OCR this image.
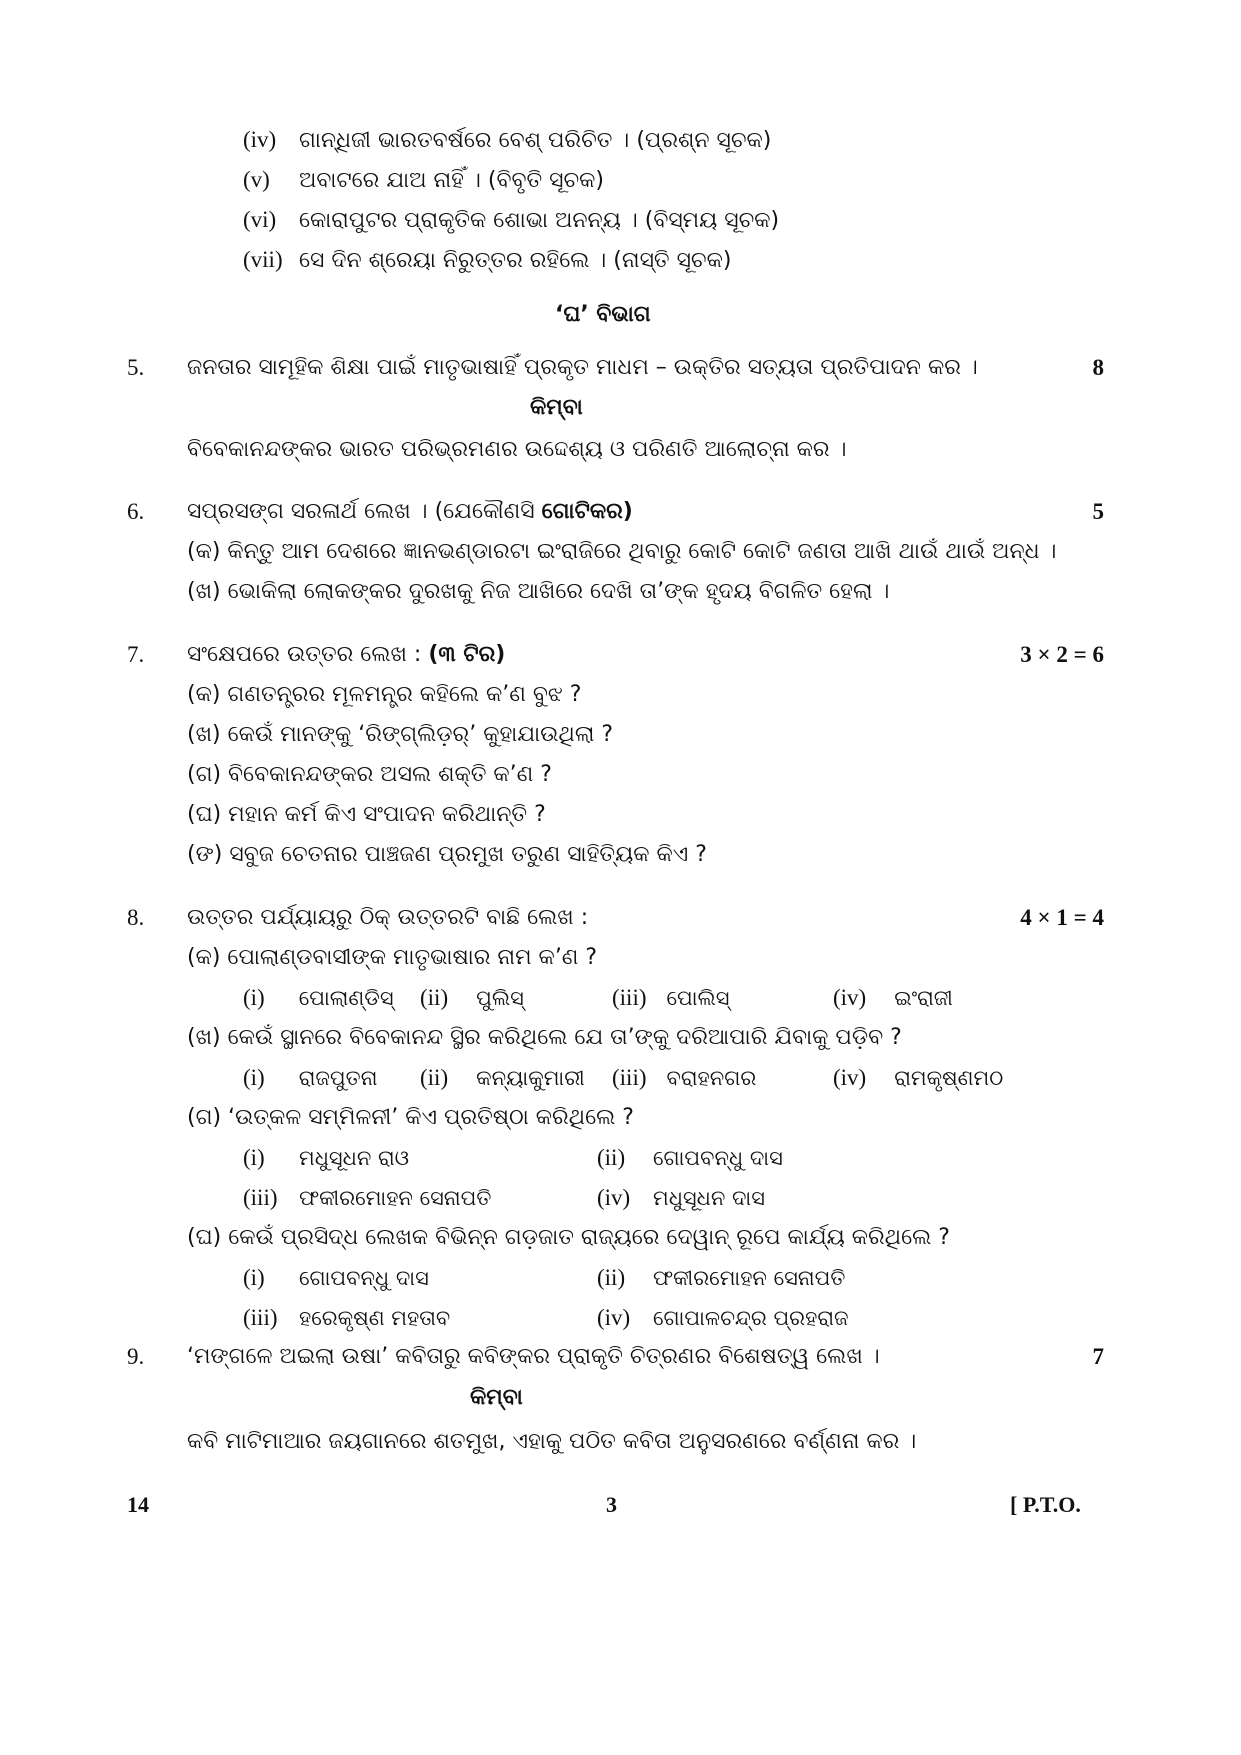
(iv) ଗାନ୍ଧିଜୀ ଭାରତବର୍ଷରେ ବେଶ୍ ପରିଚିତ । (ପ୍ରଶ୍ନ ସୂଚକ)
(v) ଅବାଟରେ ଯାଅ ନାହିଁ । (ବିବୃତି ସୂଚକ)
(vi) କୋରାପୁଟର ପ୍ରାକୃତିକ ଶୋଭା ଅନନ୍ୟ । (ବିସ୍ମୟ ସୂଚକ)
(vii) ସେ ଦିନ ଶ୍ରେୟା ନିରୁତ୍ତର ରହିଲେ । (ନାସ୍ତି ସୂଚକ)
‘ଘ’ ବିଭାଗ
5. ଜନତାର ସାମୂହିକ ଶିକ୍ଷା ପାଇଁ ମାତୃଭାଷାହିଁ ପ୍ରକୃତ ମାଧମ – ଉକ୍ତିର ସତ୍ୟତା ପ୍ରତିପାଦନ କର ।	8
କିମ୍ବା
ବିବେକାନନ୍ଦଙ୍କର ଭାରତ ପରିଭ୍ରମଣର ଉଦ୍ଦେଶ୍ୟ ଓ ପରିଣତି ଆଲୋଚ୍ନା କର ।
6. ସପ୍ରସଙ୍ଗ ସରଳାର୍ଥ ଲେଖ । (ଯେକୌଣସି ଗୋଟିକର)	5
(କ) କିନ୍ତୁ ଆମ ଦେଶରେ ଜ୍ଞାନଭଣ୍ଡାରଟା ଇଂରାଜିରେ ଥିବାରୁ କୋଟି କୋଟି ଜଣତା ଆଖି ଥାଉଁ ଥାଉଁ ଅନ୍ଧ ।
(ଖ) ଭୋକିଲା ଲୋକଙ୍କର ଦୁରଖକୁ ନିଜ ଆଖିରେ ଦେଖି ତା’ଙ୍କ ହୃଦୟ ବିଗଳିତ ହେଲା ।
7. ସଂକ୍ଷେପରେ ଉତ୍ତର ଲେଖ : (୩ ଟିର)	3 × 2 = 6
(କ) ଗଣତନ୍ତ୍ରର ମୂଳମନ୍ତ୍ର କହିଲେ କ’ଣ ବୁଝ ?
(ଖ) କେଉଁ ମାନଙ୍କୁ ‘ରିଙ୍ଗ୍‌ଲିଡ଼ର୍’ କୁହାଯାଉଥିଲା ?
(ଗ) ବିବେକାନନ୍ଦଙ୍କର ଅସଲ ଶକ୍ତି କ’ଣ ?
(ଘ) ମହାନ କର୍ମ କିଏ ସଂପାଦନ କରିଥାନ୍ତି ?
(ଙ) ସବୁଜ ଚେତନାର ପାଞ୍ଚଜଣ ପ୍ରମୁଖ ତରୁଣ ସାହିତ୍ୟିକ କିଏ ?
8. ଉତ୍ତର ପର୍ଯ୍ୟାୟରୁ ଠିକ୍ ଉତ୍ତରଟି ବାଛି ଲେଖ :	4 × 1 = 4
(କ) ପୋଲାଣ୍ଡବାସୀଙ୍କ ମାତୃଭାଷାର ନାମ କ’ଣ ?
(i) ପୋଲାଣ୍ଡିସ୍ (ii) ପୁଲିସ୍	(iii) ପୋଲିସ୍	(iv) ଇଂରାଜୀ
(ଖ) କେଉଁ ସ୍ଥାନରେ ବିବେକାନନ୍ଦ ସ୍ଥିର କରିଥିଲେ ଯେ ତା’ଙ୍କୁ ଦରିଆପାରି ଯିବାକୁ ପଡ଼ିବ ?
(i) ରାଜପୁତନା (ii) କନ୍ୟାକୁମାରୀ (iii) ବରାହନଗର	(iv) ରାମକୃଷ୍ଣମଠ
(ଗ) ‘ଉତ୍କଳ ସମ୍ମିଳନୀ’ କିଏ ପ୍ରତିଷ୍ଠା କରିଥିଲେ ?
(i) ମଧୁସୂଧନ ରାଓ	(ii) ଗୋପବନ୍ଧୁ ଦାସ
(iii) ଫକୀରମୋହନ ସେନାପତି	(iv) ମଧୁସୂଧନ ଦାସ
(ଘ) କେଉଁ ପ୍ରସିଦ୍ଧ ଲେଖକ ବିଭିନ୍ନ ଗଡ଼ଜାତ ରାଜ୍ୟରେ ଦେୱାନ୍ ରୂପେ କାର୍ଯ୍ୟ କରିଥିଲେ ?
(i) ଗୋପବନ୍ଧୁ ଦାସ	(ii) ଫକୀରମୋହନ ସେନାପତି
(iii) ହରେକୃଷ୍ଣ ମହତାବ	(iv) ଗୋପାଳଚନ୍ଦ୍ର ପ୍ରହରାଜ
9. ‘ମଙ୍ଗଳେ ଅଇଲା ଉଷା’ କବିତାରୁ କବିଙ୍କର ପ୍ରାକୃତି ଚିତ୍ରଣର ବିଶେଷତ୍ୱ ଲେଖ ।	7
କିମ୍ବା
କବି ମାଟିମାଆର ଜୟଗାନରେ ଶତମୁଖ, ଏହାକୁ ପଠିତ କବିତା ଅନୁସରଣରେ ବର୍ଣ୍ଣନା କର ।
14	3	[ P.T.O.
